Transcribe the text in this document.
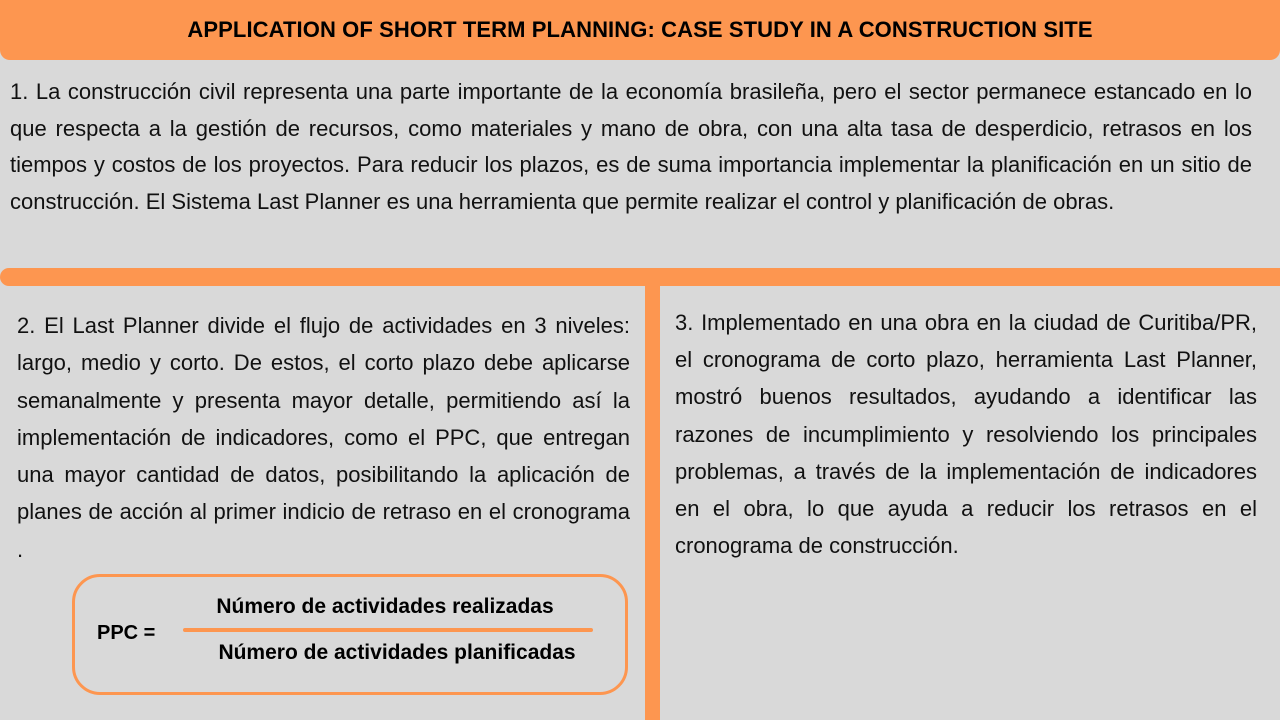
APPLICATION OF SHORT TERM PLANNING: CASE STUDY IN A CONSTRUCTION SITE

1. La construcción civil representa una parte importante de la economía brasileña, pero el sector permanece estancado en lo que respecta a la gestión de recursos, como materiales y mano de obra, con una alta tasa de desperdicio, retrasos en los tiempos y costos de los proyectos. Para reducir los plazos, es de suma importancia implementar la planificación en un sitio de construcción. El Sistema Last Planner es una herramienta que permite realizar el control y planificación de obras.

2. El Last Planner divide el flujo de actividades en 3 niveles: largo, medio y corto. De estos, el corto plazo debe aplicarse semanalmente y presenta mayor detalle, permitiendo así la implementación de indicadores, como el PPC, que entregan una mayor cantidad de datos, posibilitando la aplicación de planes de acción al primer indicio de retraso en el cronograma .

3. Implementado en una obra en la ciudad de Curitiba/PR, el cronograma de corto plazo, herramienta Last Planner, mostró buenos resultados, ayudando a identificar las razones de incumplimiento y resolviendo los principales problemas, a través de la implementación de indicadores en el obra, lo que ayuda a reducir los retrasos en el cronograma de construcción.

PPC =
Número de actividades realizadas
Número de actividades planificadas
